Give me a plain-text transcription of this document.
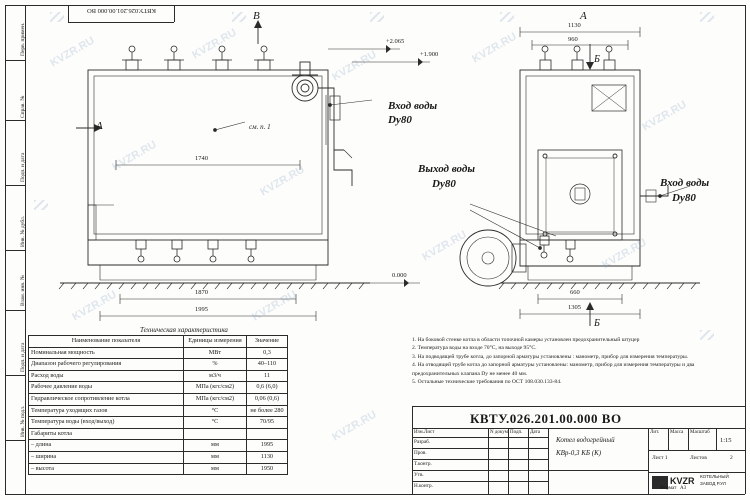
Перв. примен.
Справ. №
Подп. и дата
Инв. № дубл.
Взам. инв. №
Подп. и дата
Инв. № подл.
КВТУ.026.201.00.000 ВО
А
В
см. п. 1
1740
1870
1995
+2.065
+1.900
0.000
Вход воды
Dy80
А
Б
Б
1130
960
660
1305
Выход воды
Dy80	Вход воды
Dy80
Техническая характеристика
Наименование показателя	Единицы измерения	Значение
Номинальная мощность	МВт	0,3
Диапазон рабочего регулирования	%	40–110
Расход воды	м3/ч	11
Рабочее давление воды	МПа (кгс/см2)	0,6 (6,0)
Гидравлическое сопротивление котла	МПа (кгс/см2)	0,06 (0,6)
Температура уходящих газов	°С	не более 280
Температура воды (вход/выход)	°С	70/95
Габариты котла		
– длина	мм	1995
– ширина	мм	1130
– высота	мм	1950
1. На боковой стенке котла в области топочной камеры установлен предохранительный штуцер
2. Температура воды на входе 70°С, на выходе 95°С.
3. На подводящей трубе котла, до запорной арматуры установлены : манометр, прибор для измерения температуры.
4. На отводящей трубе котла до запорной арматуры установлены: манометр, прибор для измерения температуры и два предохранительных клапана Dy не менее 40 мм.
5. Остальные технические требования по ОСТ 108.030.133-84.
КВТУ.026.201.00.000 ВО
Изм.Лист	N докум. Подп. Дата
Разраб.
Пров.
Т.контр.
Н.контр.
Утв.
Котел водогрейный
КВр-0,3 КБ (К)
Лит. Масса Масштаб
1:15
Лист 1	Листов	2
KVZR КОТЕЛЬНЫЙ
ЗАВОД Р.УЛ
Формат   А3
KVZR.RU	KVZR.RU
KVZR.RU
KVZR.RU
KVZR.RU
KVZR.RU
KVZR.RU
KVZR.RU	KVZR.RU
KVZR.RU	KVZR.RU
KVZR.RU
